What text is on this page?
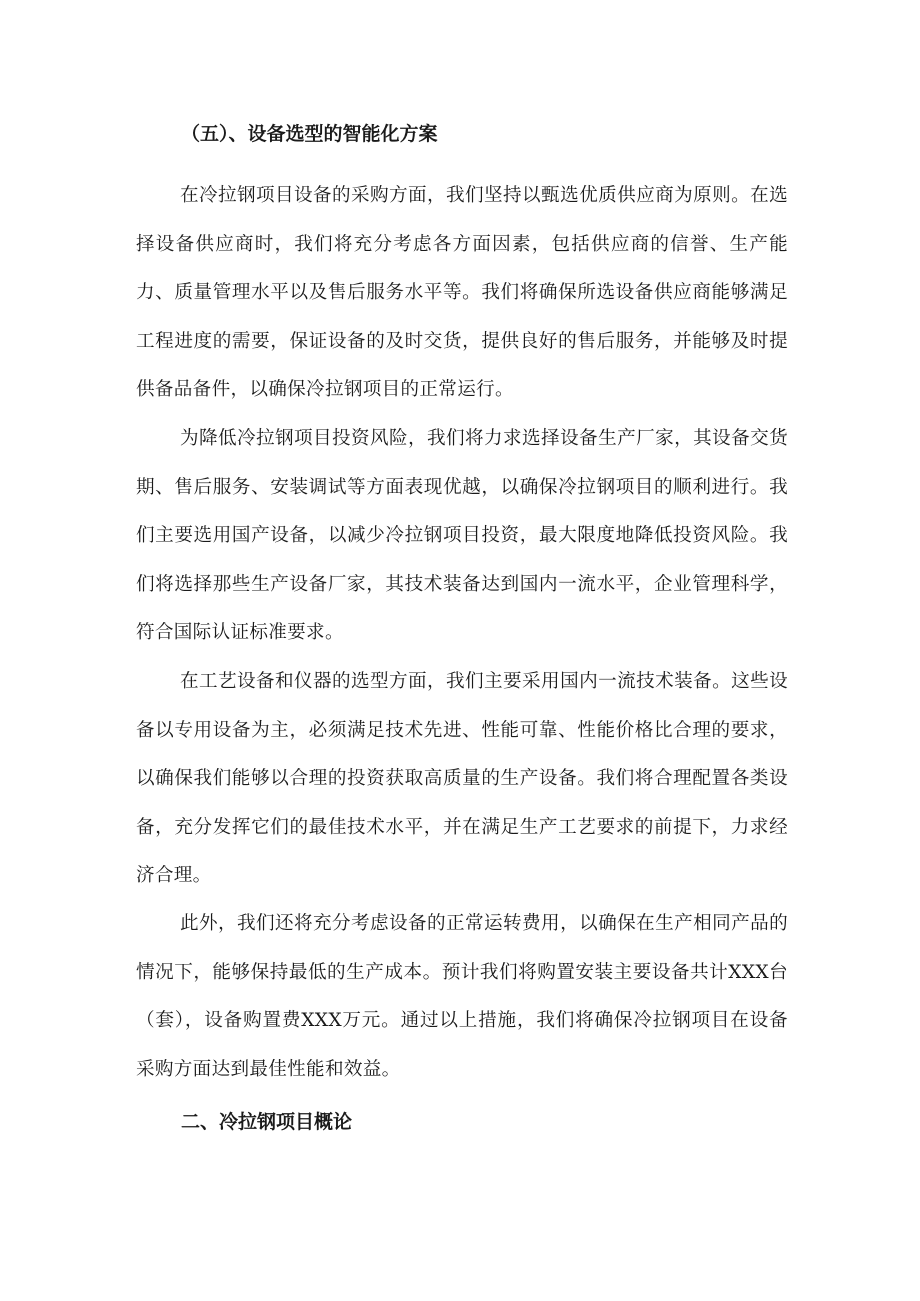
（五）、设备选型的智能化方案

在冷拉钢项目设备的采购方面，我们坚持以甄选优质供应商为原则。在选择设备供应商时，我们将充分考虑各方面因素，包括供应商的信誉、生产能力、质量管理水平以及售后服务水平等。我们将确保所选设备供应商能够满足工程进度的需要，保证设备的及时交货，提供良好的售后服务，并能够及时提供备品备件，以确保冷拉钢项目的正常运行。

为降低冷拉钢项目投资风险，我们将力求选择设备生产厂家，其设备交货期、售后服务、安装调试等方面表现优越，以确保冷拉钢项目的顺利进行。我们主要选用国产设备，以减少冷拉钢项目投资，最大限度地降低投资风险。我们将选择那些生产设备厂家，其技术装备达到国内一流水平，企业管理科学，符合国际认证标准要求。

在工艺设备和仪器的选型方面，我们主要采用国内一流技术装备。这些设备以专用设备为主，必须满足技术先进、性能可靠、性能价格比合理的要求，以确保我们能够以合理的投资获取高质量的生产设备。我们将合理配置各类设备，充分发挥它们的最佳技术水平，并在满足生产工艺要求的前提下，力求经济合理。

此外，我们还将充分考虑设备的正常运转费用，以确保在生产相同产品的情况下，能够保持最低的生产成本。预计我们将购置安装主要设备共计XXX台（套），设备购置费XXX万元。通过以上措施，我们将确保冷拉钢项目在设备采购方面达到最佳性能和效益。

二、冷拉钢项目概论
